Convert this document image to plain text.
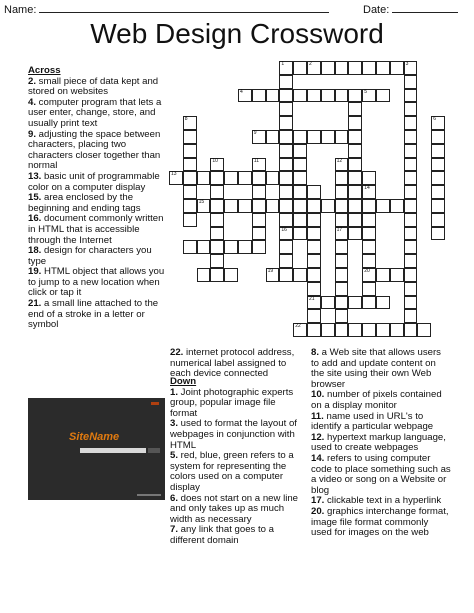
Name:	Date:
Web Design Crossword
Across
2. small piece of data kept and stored on websites
4. computer program that lets a user enter, change, store, and usually print text
9. adjusting the space between characters, placing two characters closer together than normal
13. basic unit of programmable color on a computer display
15. area enclosed by the beginning and ending tags
16. document commonly written in HTML that is accessible through the Internet
18. design for characters you type
19. HTML object that allows you to jump to a new location when click or tap it
21. a small line attached to the end of a stroke in a letter or symbol
22. internet protocol address, numerical label assigned to each device connected
Down
1. Joint photographic experts group, popular image file format
3. used to format the layout of webpages in conjunction with HTML
5. red, blue, green refers to a system for representing the colors used on a computer display
6. does not start on a new line and only takes up as much width as necessary
7. any link that goes to a different domain
8. a Web site that allows users to add and update content on the site using their own Web browser
10. number of pixels contained on a display monitor
11. name used in URL's to identify a particular webpage
12. hypertext markup language, used to create webpages
14. refers to using computer code to place something such as a video or song on a Website or blog
17. clickable text in a hyperlink
20. graphics interchange format, image file format commonly used for images on the web
SiteName
1	2
4	5
9
13
15
19	20
21
22
8
10	11
16
12
17
14
3
6
